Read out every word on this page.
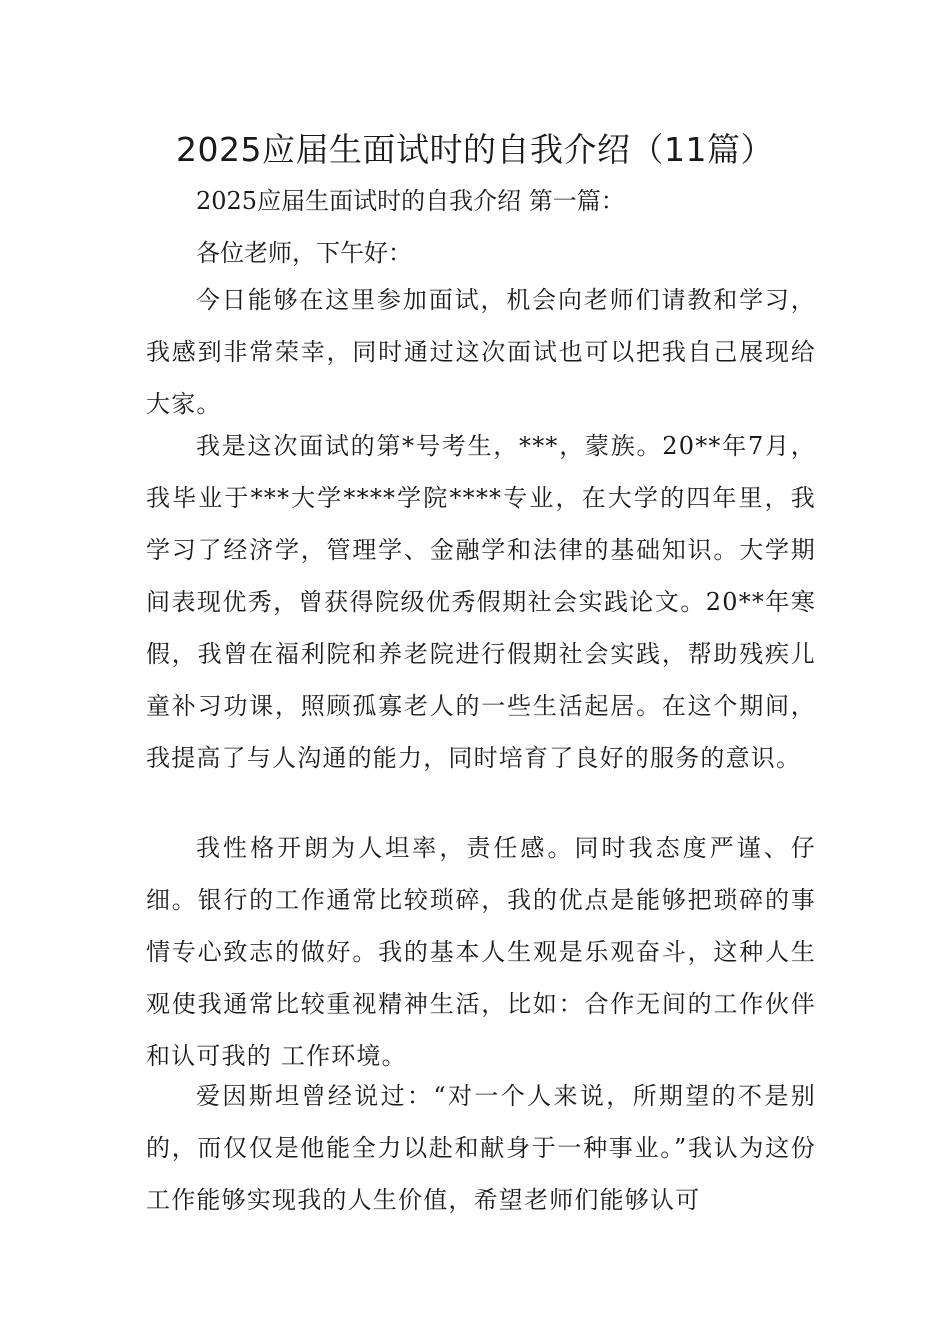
2025应届生面试时的自我介绍（11篇）
2025应届生面试时的自我介绍 第一篇：
各位老师，下午好：

今日能够在这里参加面试，机会向老师们请教和学习，我感到非常荣幸，同时通过这次面试也可以把我自己展现给大家。

我是这次面试的第*号考生，***，蒙族。20**年7月，我毕业于***大学****学院****专业，在大学的四年里，我学习了经济学，管理学、金融学和法律的基础知识。大学期间表现优秀，曾获得院级优秀假期社会实践论文。20**年寒假，我曾在福利院和养老院进行假期社会实践，帮助残疾儿童补习功课，照顾孤寡老人的一些生活起居。在这个期间，我提高了与人沟通的能力，同时培育了良好的服务的意识。

我性格开朗为人坦率，责任感。同时我态度严谨、仔细。银行的工作通常比较琐碎，我的优点是能够把琐碎的事情专心致志的做好。我的基本人生观是乐观奋斗，这种人生观使我通常比较重视精神生活，比如：合作无间的工作伙伴和认可我的 工作环境。

爱因斯坦曾经说过：“对一个人来说，所期望的不是别的，而仅仅是他能全力以赴和献身于一种事业。”我认为这份工作能够实现我的人生价值，希望老师们能够认可
